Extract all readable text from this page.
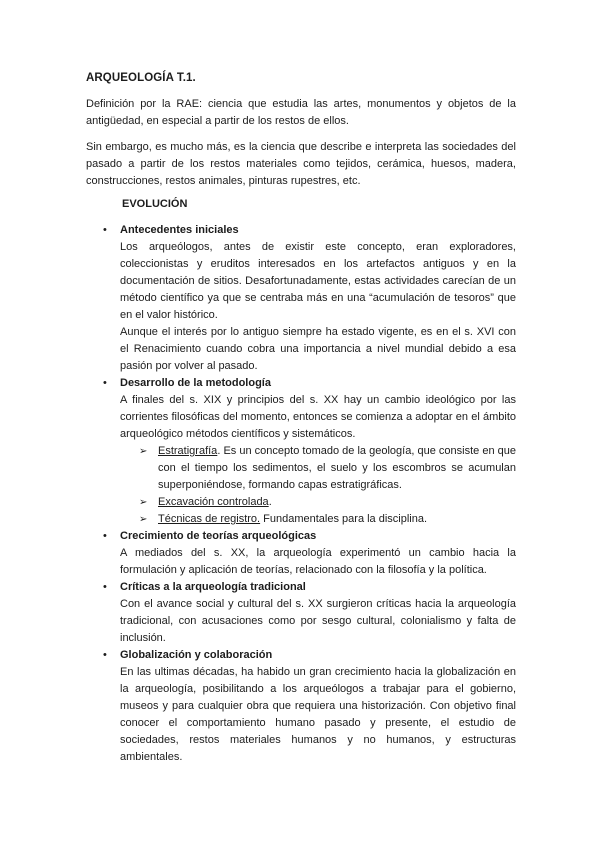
ARQUEOLOGÍA T.1.

Definición por la RAE: ciencia que estudia las artes, monumentos y objetos de la antigüedad, en especial a partir de los restos de ellos.

Sin embargo, es mucho más, es la ciencia que describe e interpreta las sociedades del pasado a partir de los restos materiales como tejidos, cerámica, huesos, madera, construcciones, restos animales, pinturas rupestres, etc.

EVOLUCIÓN
• Antecedentes iniciales

Los arqueólogos, antes de existir este concepto, eran exploradores, coleccionistas y eruditos interesados en los artefactos antiguos y en la documentación de sitios. Desafortunadamente, estas actividades carecían de un método científico ya que se centraba más en una “acumulación de tesoros” que en el valor histórico.

Aunque el interés por lo antiguo siempre ha estado vigente, es en el s. XVI con el Renacimiento cuando cobra una importancia a nivel mundial debido a esa pasión por volver al pasado.

• Desarrollo de la metodología

A finales del s. XIX y principios del s. XX hay un cambio ideológico por las corrientes filosóficas del momento, entonces se comienza a adoptar en el ámbito arqueológico métodos científicos y sistemáticos.

➢ Estratigrafía. Es un concepto tomado de la geología, que consiste en que con el tiempo los sedimentos, el suelo y los escombros se acumulan superponiéndose, formando capas estratigráficas.
➢ Excavación controlada.
➢ Técnicas de registro. Fundamentales para la disciplina.
• Crecimiento de teorías arqueológicas

A mediados del s. XX, la arqueología experimentó un cambio hacia la formulación y aplicación de teorías, relacionado con la filosofía y la política.

• Críticas a la arqueología tradicional

Con el avance social y cultural del s. XX surgieron críticas hacia la arqueología tradicional, con acusaciones como por sesgo cultural, colonialismo y falta de inclusión.

• Globalización y colaboración

En las ultimas décadas, ha habido un gran crecimiento hacia la globalización en la arqueología, posibilitando a los arqueólogos a trabajar para el gobierno, museos y para cualquier obra que requiera una historización. Con objetivo final conocer el comportamiento humano pasado y presente, el estudio de sociedades, restos materiales humanos y no humanos, y estructuras ambientales.
